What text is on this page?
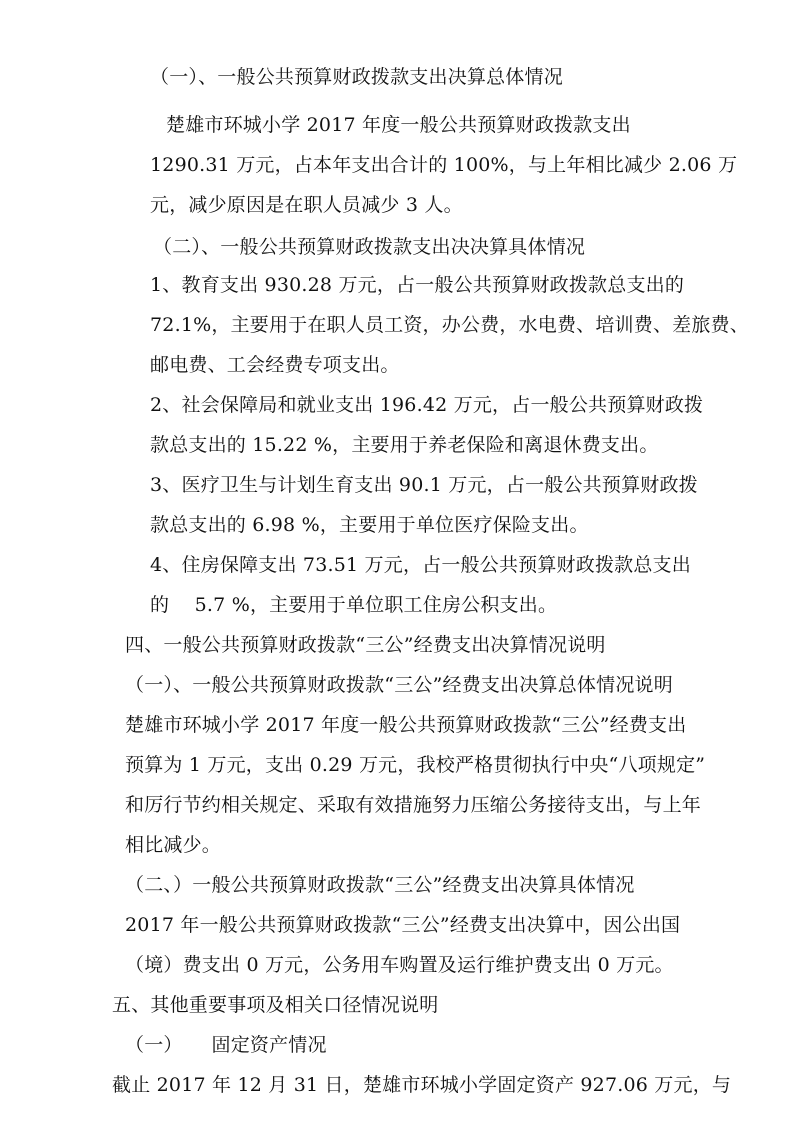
（一）、一般公共预算财政拨款支出决算总体情况
楚雄市环城小学 2017 年度一般公共预算财政拨款支出
1290.31 万元，占本年支出合计的 100%，与上年相比减少 2.06 万
元，减少原因是在职人员减少 3 人。
（二）、一般公共预算财政拨款支出决决算具体情况
1、教育支出 930.28 万元，占一般公共预算财政拨款总支出的
72.1%，主要用于在职人员工资，办公费，水电费、培训费、差旅费、
邮电费、工会经费专项支出。
2、社会保障局和就业支出 196.42 万元，占一般公共预算财政拨
款总支出的 15.22 %，主要用于养老保险和离退休费支出。
3、医疗卫生与计划生育支出 90.1 万元，占一般公共预算财政拨
款总支出的 6.98 %，主要用于单位医疗保险支出。
4、住房保障支出 73.51 万元，占一般公共预算财政拨款总支出
的　 5.7 %，主要用于单位职工住房公积支出。
四、一般公共预算财政拨款“三公”经费支出决算情况说明
（一）、一般公共预算财政拨款“三公”经费支出决算总体情况说明
楚雄市环城小学 2017 年度一般公共预算财政拨款“三公”经费支出
预算为 1 万元，支出 0.29 万元，我校严格贯彻执行中央“八项规定”
和厉行节约相关规定、采取有效措施努力压缩公务接待支出，与上年
相比减少。
（二、）一般公共预算财政拨款“三公”经费支出决算具体情况
2017 年一般公共预算财政拨款“三公”经费支出决算中，因公出国
（境）费支出 0 万元，公务用车购置及运行维护费支出 0 万元。
五、其他重要事项及相关口径情况说明
（一）　　固定资产情况
截止 2017 年 12 月 31 日，楚雄市环城小学固定资产 927.06 万元，与
